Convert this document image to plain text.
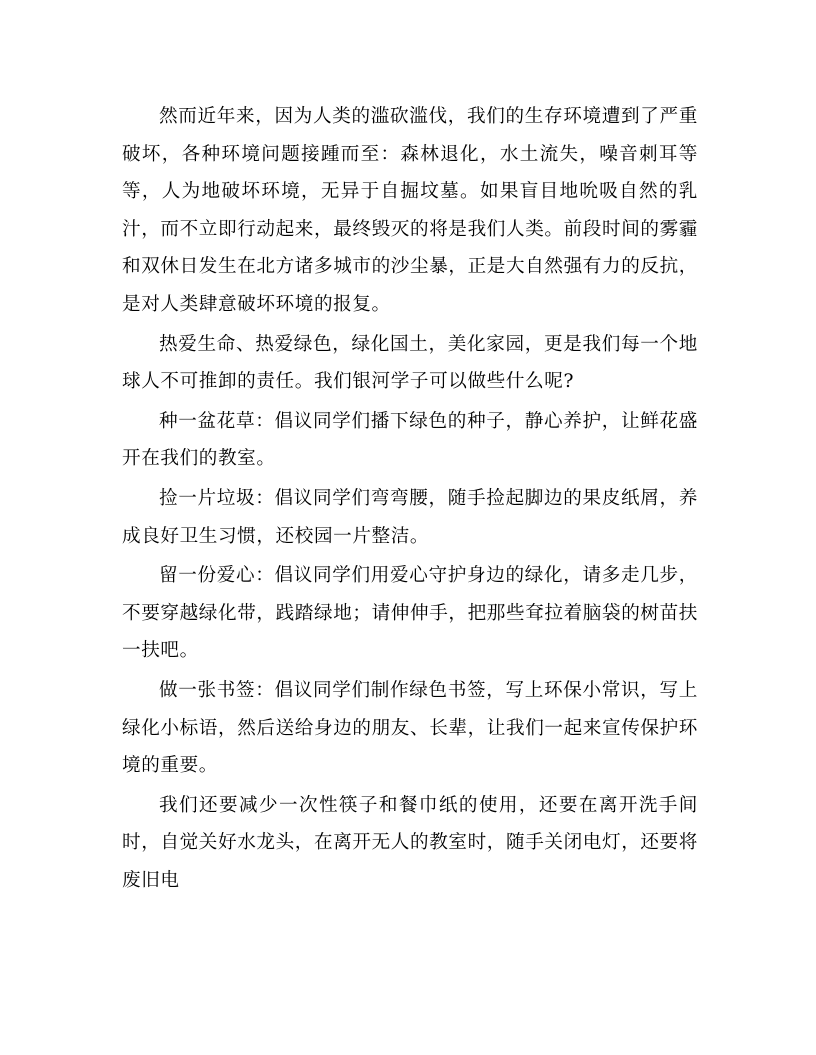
然而近年来，因为人类的滥砍滥伐，我们的生存环境遭到了严重破坏，各种环境问题接踵而至：森林退化，水土流失，噪音刺耳等等，人为地破坏环境，无异于自掘坟墓。如果盲目地吮吸自然的乳汁，而不立即行动起来，最终毁灭的将是我们人类。前段时间的雾霾和双休日发生在北方诸多城市的沙尘暴，正是大自然强有力的反抗，是对人类肆意破坏环境的报复。

热爱生命、热爱绿色，绿化国土，美化家园，更是我们每一个地球人不可推卸的责任。我们银河学子可以做些什么呢?

种一盆花草：倡议同学们播下绿色的种子，静心养护，让鲜花盛开在我们的教室。

捡一片垃圾：倡议同学们弯弯腰，随手捡起脚边的果皮纸屑，养成良好卫生习惯，还校园一片整洁。

留一份爱心：倡议同学们用爱心守护身边的绿化，请多走几步，不要穿越绿化带，践踏绿地；请伸伸手，把那些耷拉着脑袋的树苗扶一扶吧。

做一张书签：倡议同学们制作绿色书签，写上环保小常识，写上绿化小标语，然后送给身边的朋友、长辈，让我们一起来宣传保护环境的重要。

我们还要减少一次性筷子和餐巾纸的使用，还要在离开洗手间时，自觉关好水龙头，在离开无人的教室时，随手关闭电灯，还要将废旧电
